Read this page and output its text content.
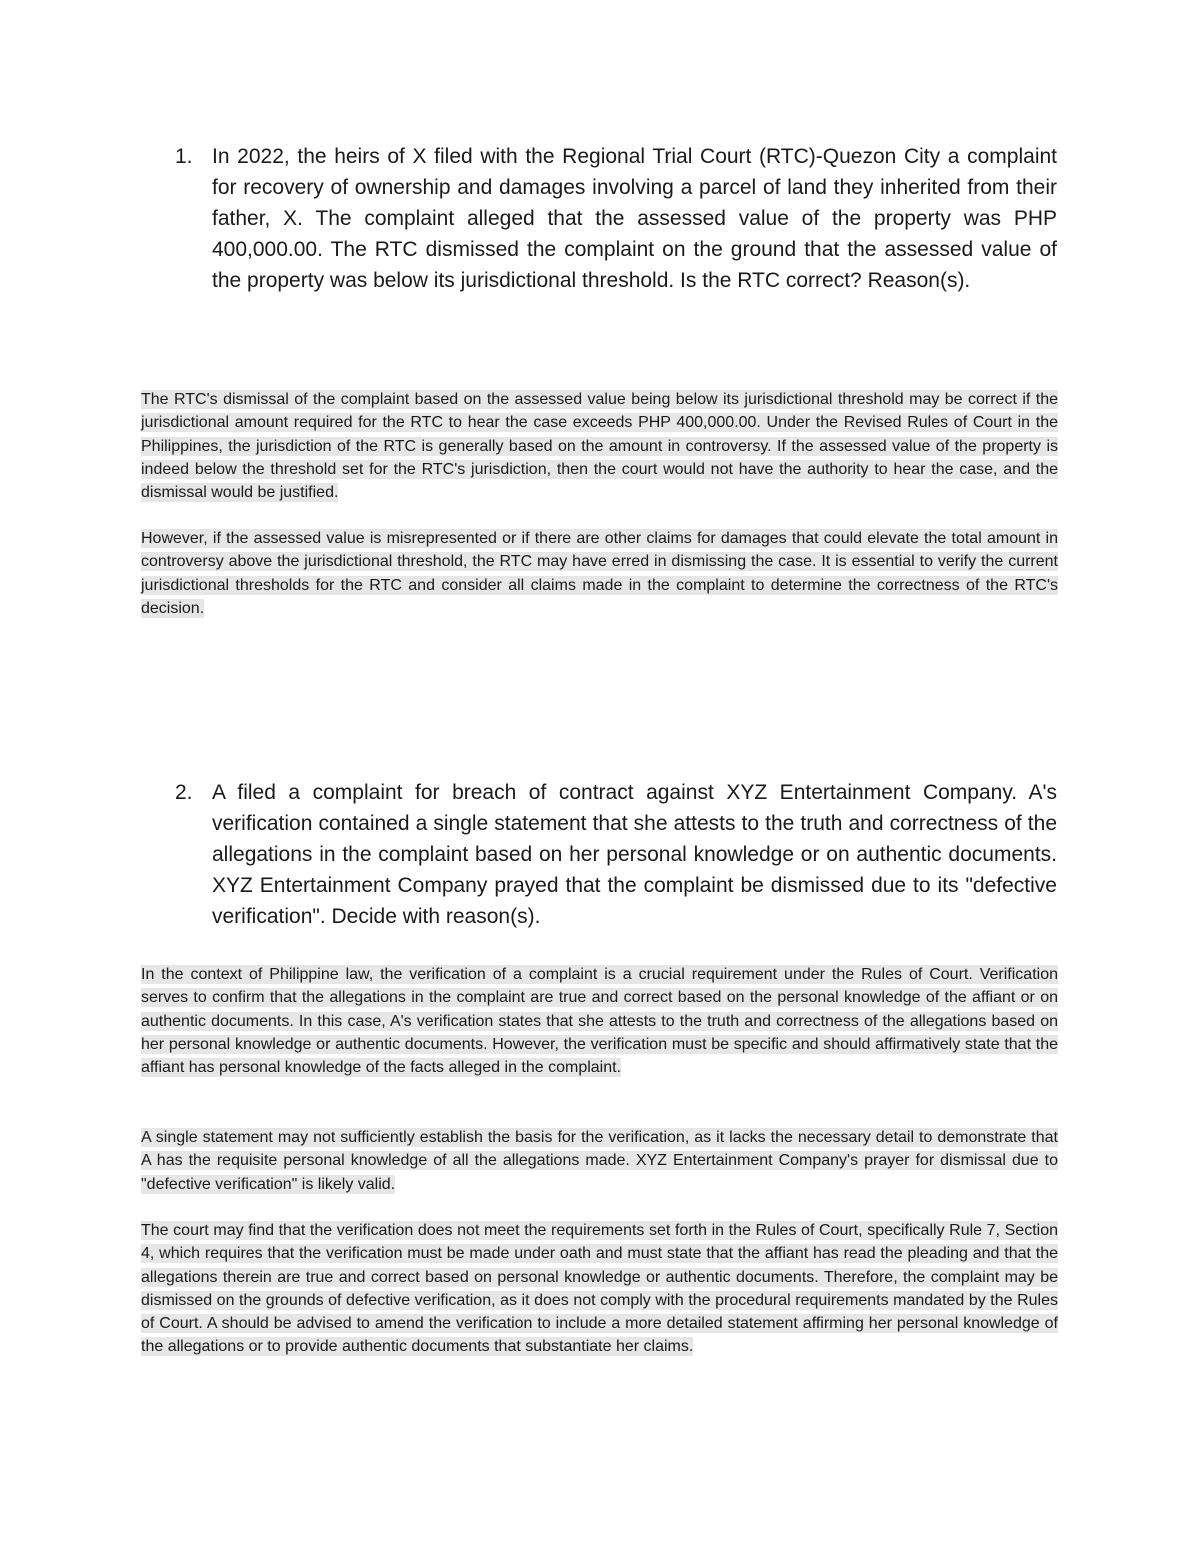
1. In 2022, the heirs of X filed with the Regional Trial Court (RTC)-Quezon City a complaint for recovery of ownership and damages involving a parcel of land they inherited from their father, X. The complaint alleged that the assessed value of the property was PHP 400,000.00. The RTC dismissed the complaint on the ground that the assessed value of the property was below its jurisdictional threshold. Is the RTC correct? Reason(s).

The RTC's dismissal of the complaint based on the assessed value being below its jurisdictional threshold may be correct if the jurisdictional amount required for the RTC to hear the case exceeds PHP 400,000.00. Under the Revised Rules of Court in the Philippines, the jurisdiction of the RTC is generally based on the amount in controversy. If the assessed value of the property is indeed below the threshold set for the RTC's jurisdiction, then the court would not have the authority to hear the case, and the dismissal would be justified.

However, if the assessed value is misrepresented or if there are other claims for damages that could elevate the total amount in controversy above the jurisdictional threshold, the RTC may have erred in dismissing the case. It is essential to verify the current jurisdictional thresholds for the RTC and consider all claims made in the complaint to determine the correctness of the RTC's decision.

2. A filed a complaint for breach of contract against XYZ Entertainment Company. A's verification contained a single statement that she attests to the truth and correctness of the allegations in the complaint based on her personal knowledge or on authentic documents. XYZ Entertainment Company prayed that the complaint be dismissed due to its "defective verification". Decide with reason(s).

In the context of Philippine law, the verification of a complaint is a crucial requirement under the Rules of Court. Verification serves to confirm that the allegations in the complaint are true and correct based on the personal knowledge of the affiant or on authentic documents. In this case, A's verification states that she attests to the truth and correctness of the allegations based on her personal knowledge or authentic documents. However, the verification must be specific and should affirmatively state that the affiant has personal knowledge of the facts alleged in the complaint.

A single statement may not sufficiently establish the basis for the verification, as it lacks the necessary detail to demonstrate that A has the requisite personal knowledge of all the allegations made. XYZ Entertainment Company's prayer for dismissal due to "defective verification" is likely valid.

The court may find that the verification does not meet the requirements set forth in the Rules of Court, specifically Rule 7, Section 4, which requires that the verification must be made under oath and must state that the affiant has read the pleading and that the allegations therein are true and correct based on personal knowledge or authentic documents. Therefore, the complaint may be dismissed on the grounds of defective verification, as it does not comply with the procedural requirements mandated by the Rules of Court. A should be advised to amend the verification to include a more detailed statement affirming her personal knowledge of the allegations or to provide authentic documents that substantiate her claims.
